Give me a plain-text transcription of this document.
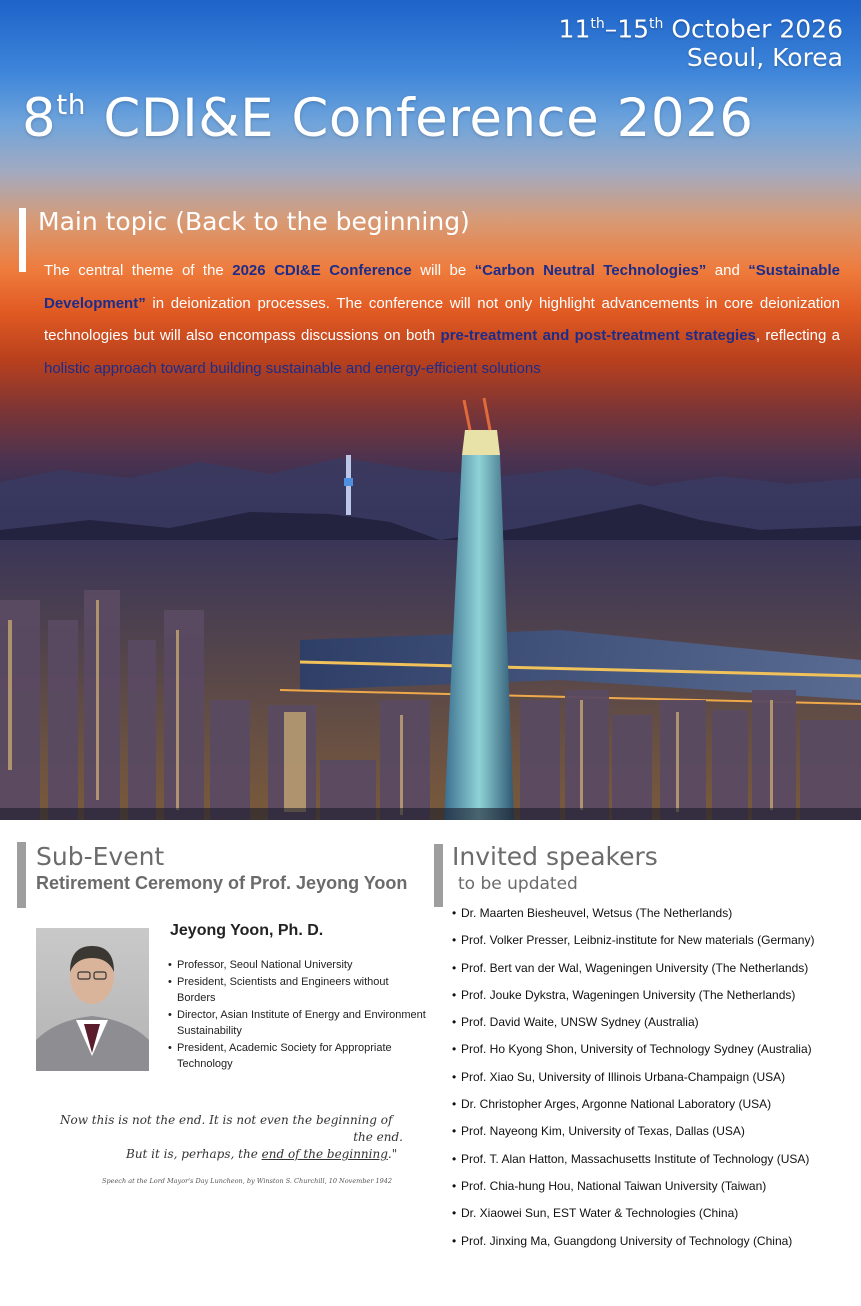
11th–15th October 2026
Seoul, Korea
8th CDI&E Conference 2026
Main topic (Back to the beginning)
The central theme of the 2026 CDI&E Conference will be “Carbon Neutral Technologies” and “Sustainable Development” in deionization processes. The conference will not only highlight advancements in core deionization technologies but will also encompass discussions on both pre-treatment and post-treatment strategies, reflecting a holistic approach toward building sustainable and energy-efficient solutions
Sub-Event
Retirement Ceremony of Prof. Jeyong Yoon
Jeyong Yoon, Ph. D.
• Professor, Seoul National University
• President, Scientists and Engineers without Borders
• Director, Asian Institute of Energy and Environment Sustainability
• President, Academic Society for Appropriate Technology
Now this is not the end. It is not even the beginning of
the end.
But it is, perhaps, the end of the beginning."
Speech at the Lord Mayor's Day Luncheon, by Winston S. Churchill, 10 November 1942
Invited speakers
to be updated
• Dr. Maarten Biesheuvel, Wetsus (The Netherlands)
• Prof. Volker Presser, Leibniz-institute for New materials (Germany)
• Prof. Bert van der Wal, Wageningen University (The Netherlands)
• Prof. Jouke Dykstra, Wageningen University (The Netherlands)
• Prof. David Waite, UNSW Sydney (Australia)
• Prof. Ho Kyong Shon, University of Technology Sydney (Australia)
• Prof. Xiao Su, University of Illinois Urbana-Champaign (USA)
• Dr. Christopher Arges, Argonne National Laboratory (USA)
• Prof. Nayeong Kim, University of Texas, Dallas (USA)
• Prof. T. Alan Hatton, Massachusetts Institute of Technology (USA)
• Prof. Chia-hung Hou, National Taiwan University (Taiwan)
• Dr. Xiaowei Sun, EST Water & Technologies (China)
• Prof. Jinxing Ma, Guangdong University of Technology (China)
